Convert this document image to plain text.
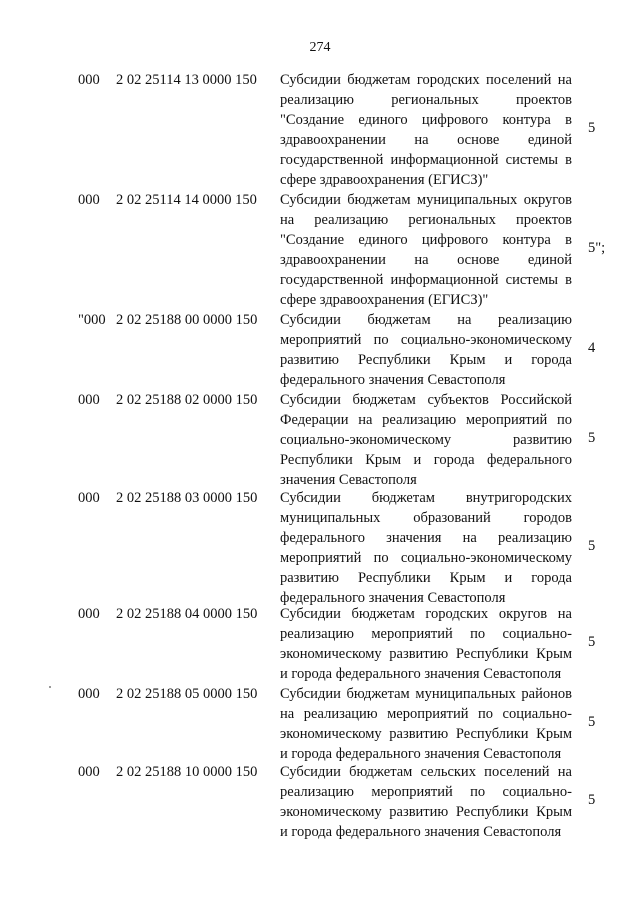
274
000	2 02 25114 13 0000 150	Субсидии бюджетам городских поселений на
реализацию региональных проектов
"Создание единого цифрового контура в
здравоохранении на основе единой
государственной информационной системы в
сфере здравоохранения (ЕГИСЗ)"
5
000	2 02 25114 14 0000 150	Субсидии бюджетам муниципальных округов
на реализацию региональных проектов
"Создание единого цифрового контура в
здравоохранении на основе единой
государственной информационной системы в
сфере здравоохранения (ЕГИСЗ)"
5";
"000 2 02 25188 00 0000 150	Субсидии бюджетам на реализацию
мероприятий по социально-экономическому
развитию Республики Крым и города
федерального значения Севастополя
4
000	2 02 25188 02 0000 150	Субсидии бюджетам субъектов Российской
Федерации на реализацию мероприятий по
социально-экономическому развитию
Республики Крым и города федерального
значения Севастополя
5
000	2 02 25188 03 0000 150	Субсидии бюджетам внутригородских
муниципальных образований городов
федерального значения на реализацию
мероприятий по социально-экономическому
развитию Республики Крым и города
федерального значения Севастополя
5
000	2 02 25188 04 0000 150	Субсидии бюджетам городских округов на
реализацию мероприятий по социально-
экономическому развитию Республики Крым
и города федерального значения Севастополя
5
000	2 02 25188 05 0000 150	Субсидии бюджетам муниципальных районов
на реализацию мероприятий по социально-
экономическому развитию Республики Крым
и города федерального значения Севастополя
5
000	2 02 25188 10 0000 150	Субсидии бюджетам сельских поселений на
реализацию мероприятий по социально-
экономическому развитию Республики Крым
и города федерального значения Севастополя
5
